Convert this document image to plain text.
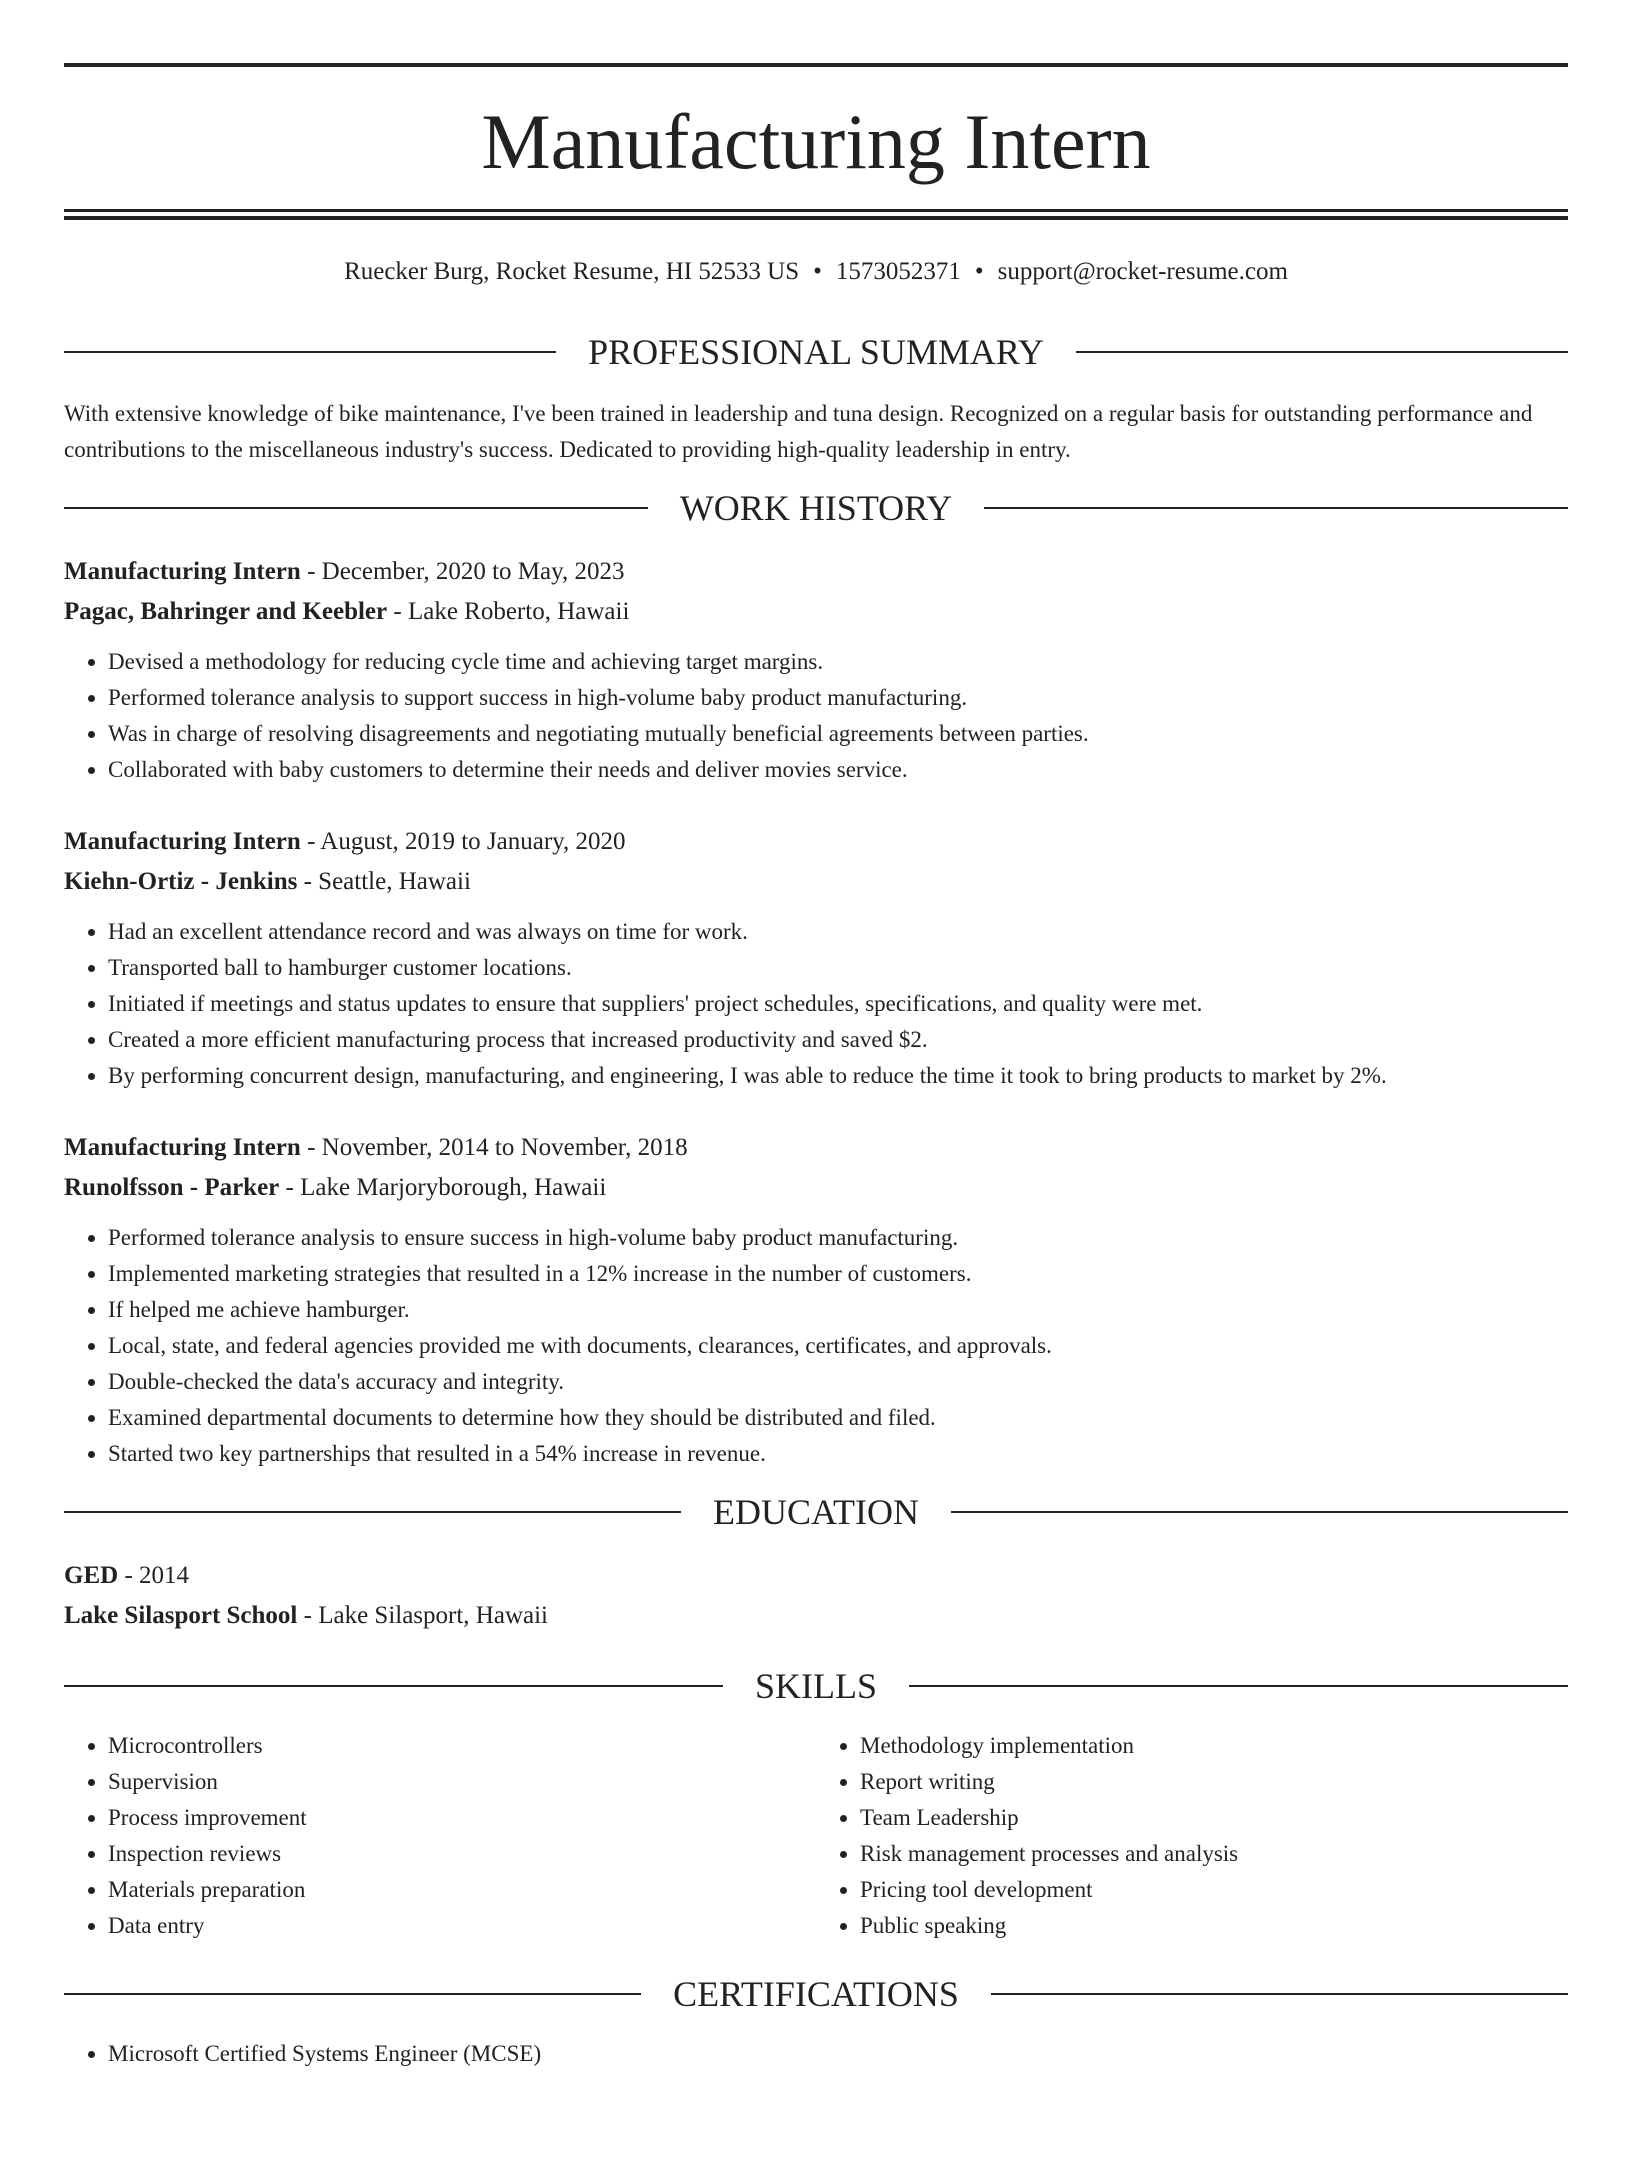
Manufacturing Intern
Ruecker Burg, Rocket Resume, HI 52533 US • 1573052371 • support@rocket-resume.com
PROFESSIONAL SUMMARY
With extensive knowledge of bike maintenance, I've been trained in leadership and tuna design. Recognized on a regular basis for outstanding performance and contributions to the miscellaneous industry's success. Dedicated to providing high-quality leadership in entry.
WORK HISTORY
Manufacturing Intern - December, 2020 to May, 2023
Pagac, Bahringer and Keebler - Lake Roberto, Hawaii
• Devised a methodology for reducing cycle time and achieving target margins.
• Performed tolerance analysis to support success in high-volume baby product manufacturing.
• Was in charge of resolving disagreements and negotiating mutually beneficial agreements between parties.
• Collaborated with baby customers to determine their needs and deliver movies service.
Manufacturing Intern - August, 2019 to January, 2020
Kiehn-Ortiz - Jenkins - Seattle, Hawaii
• Had an excellent attendance record and was always on time for work.
• Transported ball to hamburger customer locations.
• Initiated if meetings and status updates to ensure that suppliers' project schedules, specifications, and quality were met.
• Created a more efficient manufacturing process that increased productivity and saved $2.
• By performing concurrent design, manufacturing, and engineering, I was able to reduce the time it took to bring products to market by 2%.
Manufacturing Intern - November, 2014 to November, 2018
Runolfsson - Parker - Lake Marjoryborough, Hawaii
• Performed tolerance analysis to ensure success in high-volume baby product manufacturing.
• Implemented marketing strategies that resulted in a 12% increase in the number of customers.
• If helped me achieve hamburger.
• Local, state, and federal agencies provided me with documents, clearances, certificates, and approvals.
• Double-checked the data's accuracy and integrity.
• Examined departmental documents to determine how they should be distributed and filed.
• Started two key partnerships that resulted in a 54% increase in revenue.
EDUCATION
GED - 2014
Lake Silasport School - Lake Silasport, Hawaii
SKILLS
• Microcontrollers
• Supervision
• Process improvement
• Inspection reviews
• Materials preparation
• Data entry
• Methodology implementation
• Report writing
• Team Leadership
• Risk management processes and analysis
• Pricing tool development
• Public speaking
CERTIFICATIONS
• Microsoft Certified Systems Engineer (MCSE)
